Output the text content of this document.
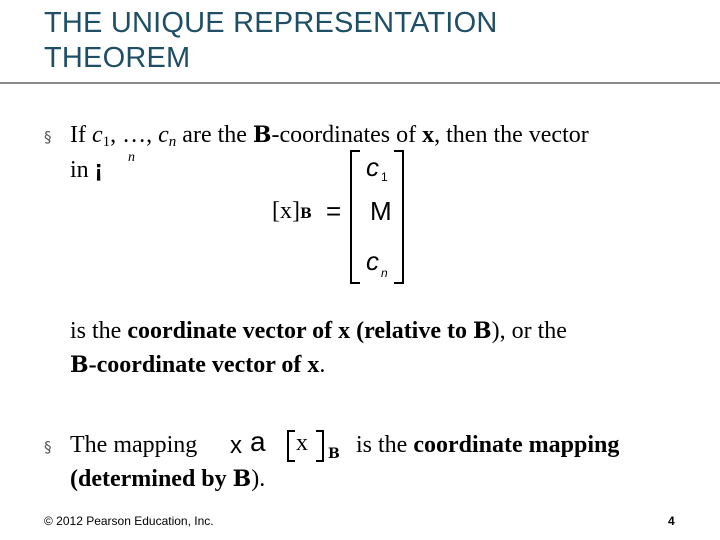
THE UNIQUE REPRESENTATION
THEOREM
§ If $c_1$, …, $c_n$ are the B-coordinates of x, then the vector
in ¡ n
[x]B =
c 1
M
c n
is the coordinate vector of x (relative to B), or the
B-coordinate vector of x.
§ The mapping x a x B is the coordinate mapping
(determined by B).
© 2012 Pearson Education, Inc.	4
